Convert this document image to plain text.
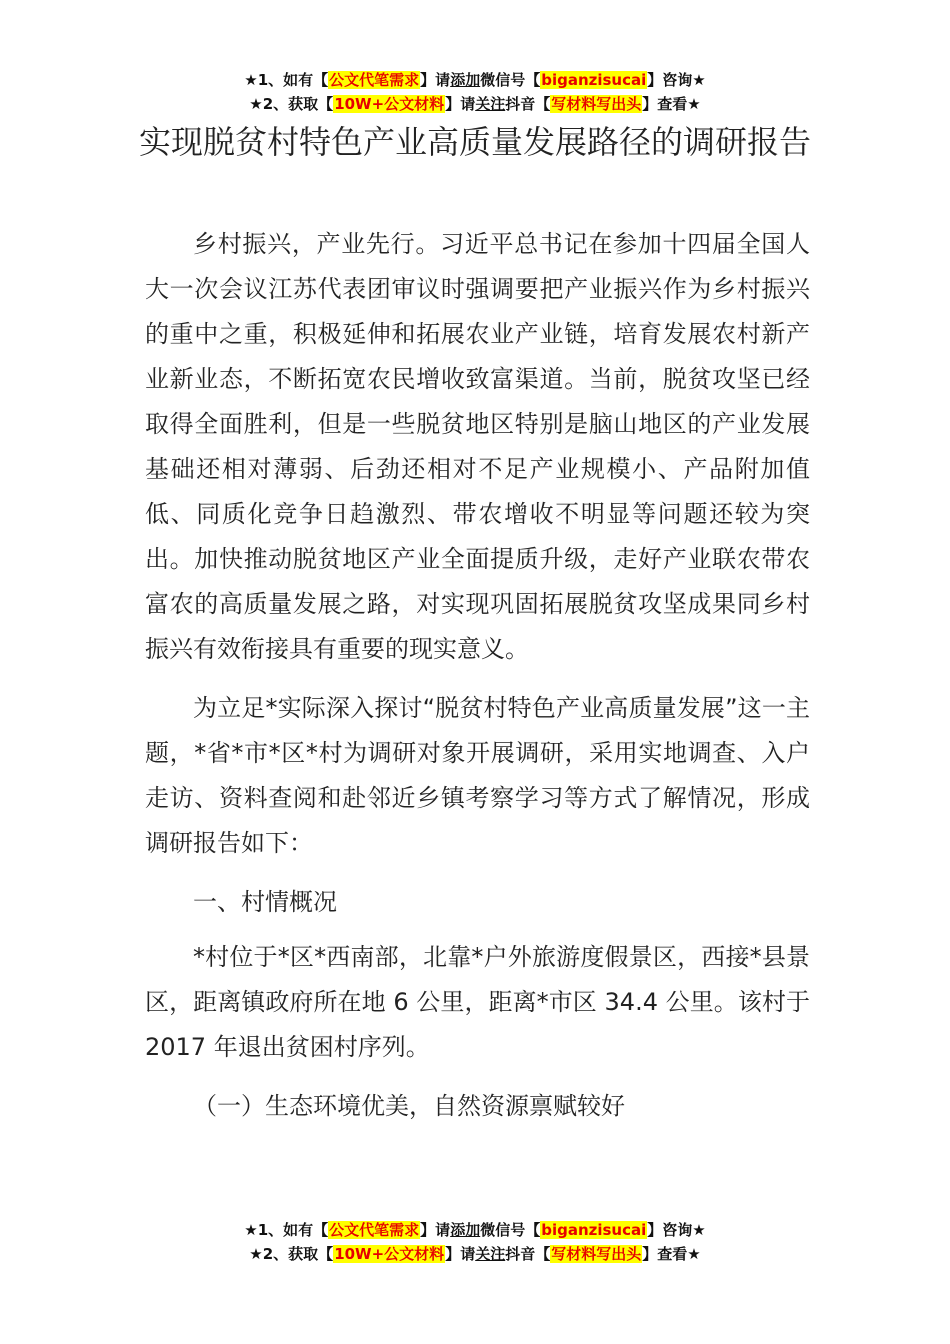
★1、如有【公文代笔需求】请添加微信号【biganzisucai】咨询★
★2、获取【10W+公文材料】请关注抖音【写材料写出头】查看★
实现脱贫村特色产业高质量发展路径的调研报告

乡村振兴，产业先行。习近平总书记在参加十四届全国人大一次会议江苏代表团审议时强调要把产业振兴作为乡村振兴的重中之重，积极延伸和拓展农业产业链，培育发展农村新产业新业态，不断拓宽农民增收致富渠道。当前，脱贫攻坚已经取得全面胜利，但是一些脱贫地区特别是脑山地区的产业发展基础还相对薄弱、后劲还相对不足产业规模小、产品附加值低、同质化竞争日趋激烈、带农增收不明显等问题还较为突出。加快推动脱贫地区产业全面提质升级，走好产业联农带农富农的高质量发展之路，对实现巩固拓展脱贫攻坚成果同乡村振兴有效衔接具有重要的现实意义。

为立足*实际深入探讨“脱贫村特色产业高质量发展”这一主题，*省*市*区*村为调研对象开展调研，采用实地调查、入户走访、资料查阅和赴邻近乡镇考察学习等方式了解情况，形成调研报告如下：

一、村情概况

*村位于*区*西南部，北靠*户外旅游度假景区，西接*县景区，距离镇政府所在地 6 公里，距离*市区 34.4 公里。该村于 2017 年退出贫困村序列。

（一）生态环境优美，自然资源禀赋较好

★1、如有【公文代笔需求】请添加微信号【biganzisucai】咨询★
★2、获取【10W+公文材料】请关注抖音【写材料写出头】查看★
